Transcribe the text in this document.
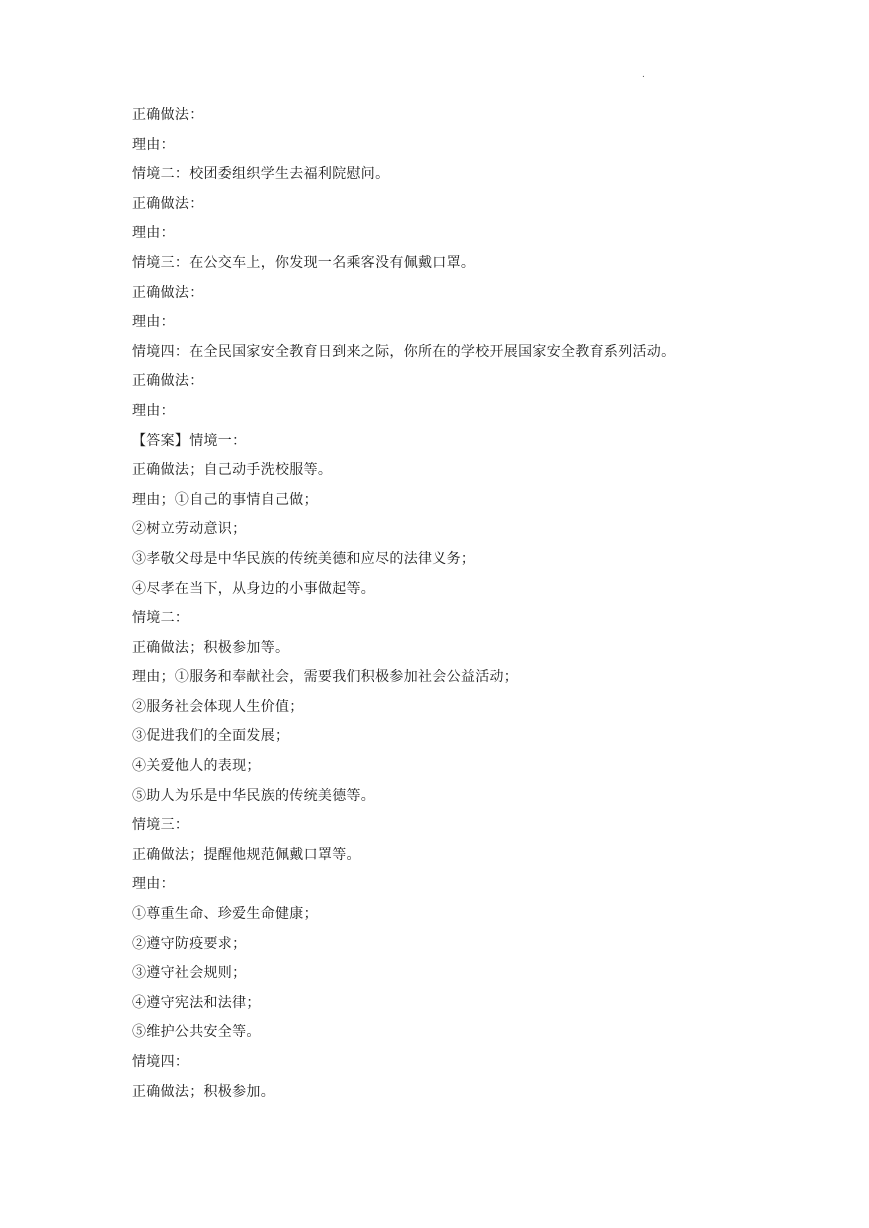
.
正确做法：
理由：
情境二：校团委组织学生去福利院慰问。
正确做法：
理由：
情境三：在公交车上，你发现一名乘客没有佩戴口罩。
正确做法：
理由：
情境四：在全民国家安全教育日到来之际，你所在的学校开展国家安全教育系列活动。
正确做法：
理由：
【答案】情境一：
正确做法；自己动手洗校服等。
理由；①自己的事情自己做；
②树立劳动意识；
③孝敬父母是中华民族的传统美德和应尽的法律义务；
④尽孝在当下，从身边的小事做起等。
情境二：
正确做法；积极参加等。
理由；①服务和奉献社会，需要我们积极参加社会公益活动；
②服务社会体现人生价值；
③促进我们的全面发展；
④关爱他人的表现；
⑤助人为乐是中华民族的传统美德等。
情境三：
正确做法；提醒他规范佩戴口罩等。
理由：
①尊重生命、珍爱生命健康；
②遵守防疫要求；
③遵守社会规则；
④遵守宪法和法律；
⑤维护公共安全等。
情境四：
正确做法；积极参加。
